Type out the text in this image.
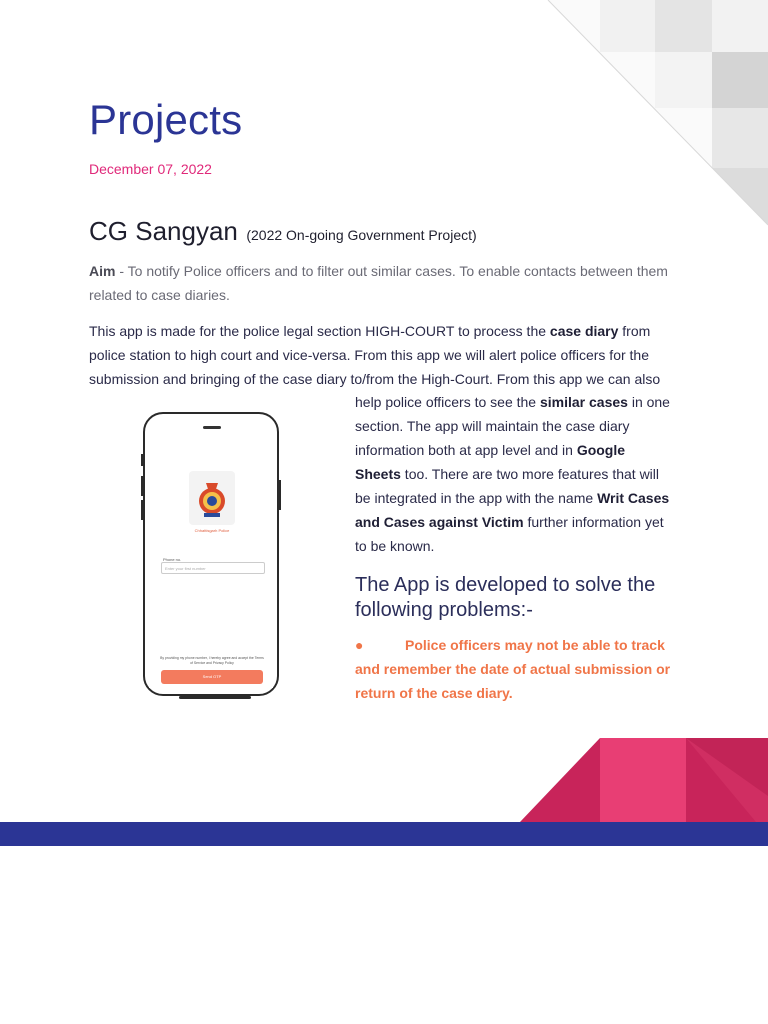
Projects
December 07, 2022
CG Sangyan (2022 On-going Government Project)
Aim - To notify Police officers and to filter out similar cases. To enable contacts between them related to case diaries.
This app is made for the police legal section HIGH-COURT to process the case diary from police station to high court and vice-versa. From this app we will alert police officers for the submission and bringing of the case diary to/from the High-Court. From this app we can also
help police officers to see the similar cases in one section. The app will maintain the case diary information both at app level and in Google Sheets too. There are two more features that will be integrated in the app with the name Writ Cases and Cases against Victim further information yet to be known.
Chhattisgarh Police
Phone no.
Enter your first number
By providing my phone number, I hereby agree and accept the Terms of Service and Privacy Policy
Send OTP
The App is developed to solve the following problems:-
●	Police officers may not be able to track and remember the date of actual submission or return of the case diary.
